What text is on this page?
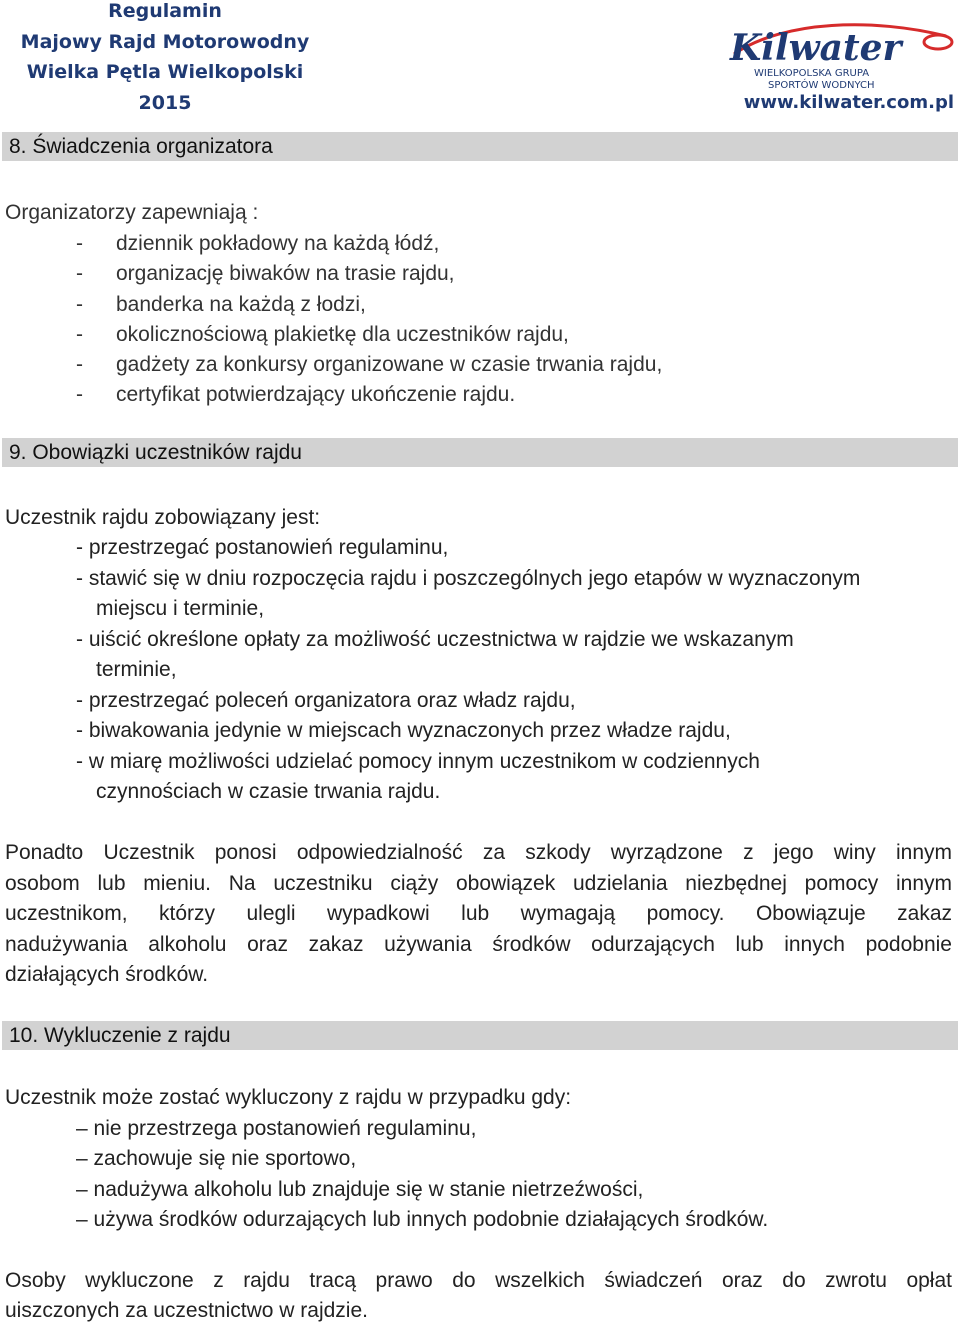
Regulamin
Majowy Rajd Motorowodny
Wielka Pętla Wielkopolski
2015
Kilwater
WIELKOPOLSKA GRUPA
SPORTÓW WODNYCH
www.kilwater.com.pl
8. Świadczenia organizatora
Organizatorzy zapewniają :
- dziennik pokładowy na każdą łódź,
- organizację biwaków na trasie rajdu,
- banderka na każdą z łodzi,
- okolicznościową plakietkę dla uczestników rajdu,
- gadżety za konkursy organizowane w czasie trwania rajdu,
- certyfikat potwierdzający ukończenie rajdu.
9. Obowiązki uczestników rajdu
Uczestnik rajdu zobowiązany jest:
- przestrzegać postanowień regulaminu,
- stawić się w dniu rozpoczęcia rajdu i poszczególnych jego etapów w wyznaczonym
miejscu i terminie,
- uiścić określone opłaty za możliwość uczestnictwa w rajdzie we wskazanym
terminie,
- przestrzegać poleceń organizatora oraz władz rajdu,
- biwakowania jedynie w miejscach wyznaczonych przez władze rajdu,
- w miarę możliwości udzielać pomocy innym uczestnikom w codziennych
czynnościach w czasie trwania rajdu.
Ponadto Uczestnik ponosi odpowiedzialność za szkody wyrządzone z jego winy innym
osobom lub mieniu. Na uczestniku ciąży obowiązek udzielania niezbędnej pomocy innym
uczestnikom, którzy ulegli wypadkowi lub wymagają pomocy. Obowiązuje zakaz
nadużywania alkoholu oraz zakaz używania środków odurzających lub innych podobnie
działających środków.
10. Wykluczenie z rajdu
Uczestnik może zostać wykluczony z rajdu w przypadku gdy:
– nie przestrzega postanowień regulaminu,
– zachowuje się nie sportowo,
– nadużywa alkoholu lub znajduje się w stanie nietrzeźwości,
– używa środków odurzających lub innych podobnie działających środków.
Osoby wykluczone z rajdu tracą prawo do wszelkich świadczeń oraz do zwrotu opłat
uiszczonych za uczestnictwo w rajdzie.
